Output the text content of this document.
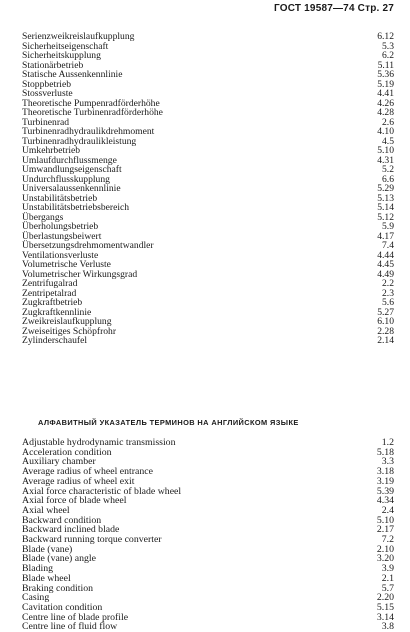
ГОСТ 19587—74 Стр. 27
Serienzweikreislaufkupplung	6.12
Sicherheitseigenschaft	5.3
Sicherheitskupplung	6.2
Stationärbetrieb	5.11
Statische Aussenkennlinie	5.36
Stoppbetrieb	5.19
Stossverluste	4.41
Theoretische Pumpenradförderhöhe	4.26
Theoretische Turbinenradförderhöhe	4.28
Turbinenrad	2.6
Turbinenradhydraulikdrehmoment	4.10
Turbinenradhydraulikleistung	4.5
Umkehrbetrieb	5.10
Umlaufdurchflussmenge	4.31
Umwandlungseigenschaft	5.2
Undurchflusskupplung	6.6
Universalaussenkennlinie	5.29
Unstabilitätsbetrieb	5.13
Unstabilitätsbetriebsbereich	5.14
Übergangs	5.12
Überholungsbetrieb	5.9
Überlastungsbeiwert	4.17
Übersetzungsdrehmomentwandler	7.4
Ventilationsverluste	4.44
Volumetrische Verluste	4.45
Volumetrischer Wirkungsgrad	4.49
Zentrifugalrad	2.2
Zentripetalrad	2.3
Zugkraftbetrieb	5.6
Zugkraftkennlinie	5.27
Zweikreislaufkupplung	6.10
Zweiseitiges Schöpfrohr	2.28
Zylinderschaufel	2.14
АЛФАВИТНЫЙ УКАЗАТЕЛЬ ТЕРМИНОВ НА АНГЛИЙСКОМ ЯЗЫКЕ
Adjustable hydrodynamic transmission	1.2
Acceleration condition	5.18
Auxiliary chamber	3.3
Average radius of wheel entrance	3.18
Average radius of wheel exit	3.19
Axial force characteristic of blade wheel	5.39
Axial force of blade wheel	4.34
Axial wheel	2.4
Backward condition	5.10
Backward inclined blade	2.17
Backward running torque converter	7.2
Blade (vane)	2.10
Blade (vane) angle	3.20
Blading	3.9
Blade wheel	2.1
Braking condition	5.7
Casing	2.20
Cavitation condition	5.15
Centre line of blade profile	3.14
Centre line of fluid flow	3.8
